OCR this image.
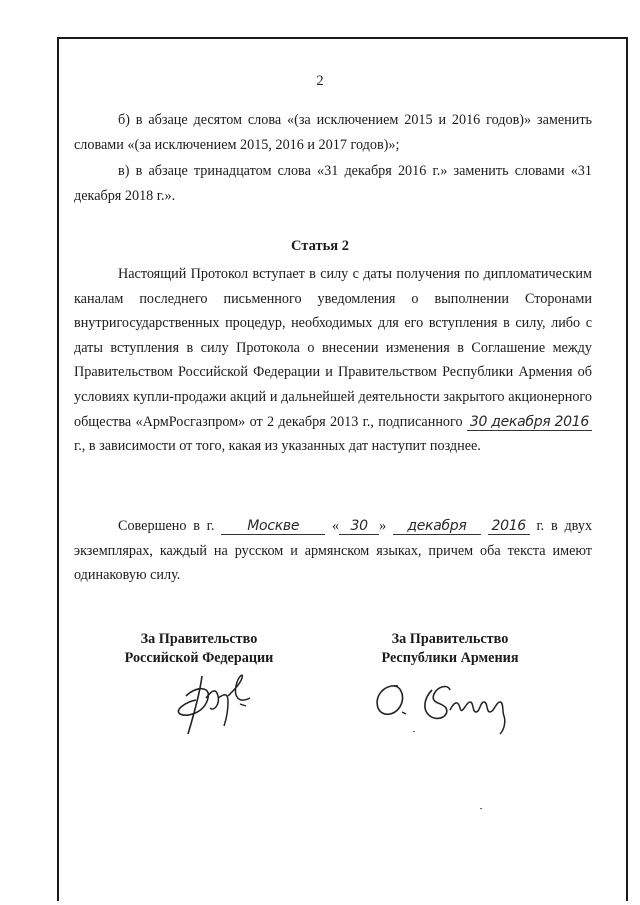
2

б) в абзаце десятом слова «(за исключением 2015 и 2016 годов)» заменить словами «(за исключением 2015, 2016 и 2017 годов)»;

в) в абзаце тринадцатом слова «31 декабря 2016 г.» заменить словами «31 декабря 2018 г.».

Статья 2

Настоящий Протокол вступает в силу с даты получения по дипломатическим каналам последнего письменного уведомления о выполнении Сторонами внутригосударственных процедур, необходимых для его вступления в силу, либо с даты вступления в силу Протокола о внесении изменения в Соглашение между Правительством Российской Федерации и Правительством Республики Армения об условиях купли-продажи акций и дальнейшей деятельности закрытого акционерного общества «АрмРосгазпром» от 2 декабря 2013 г., подписанного 30 декабря 2016 г., в зависимости от того, какая из указанных дат наступит позднее.

Совершено в г. Москве « 30 » декабря 2016 г. в двух экземплярах, каждый на русском и армянском языках, причем оба текста имеют одинаковую силу.

За Правительство
Российской Федерации
За Правительство
Республики Армения
